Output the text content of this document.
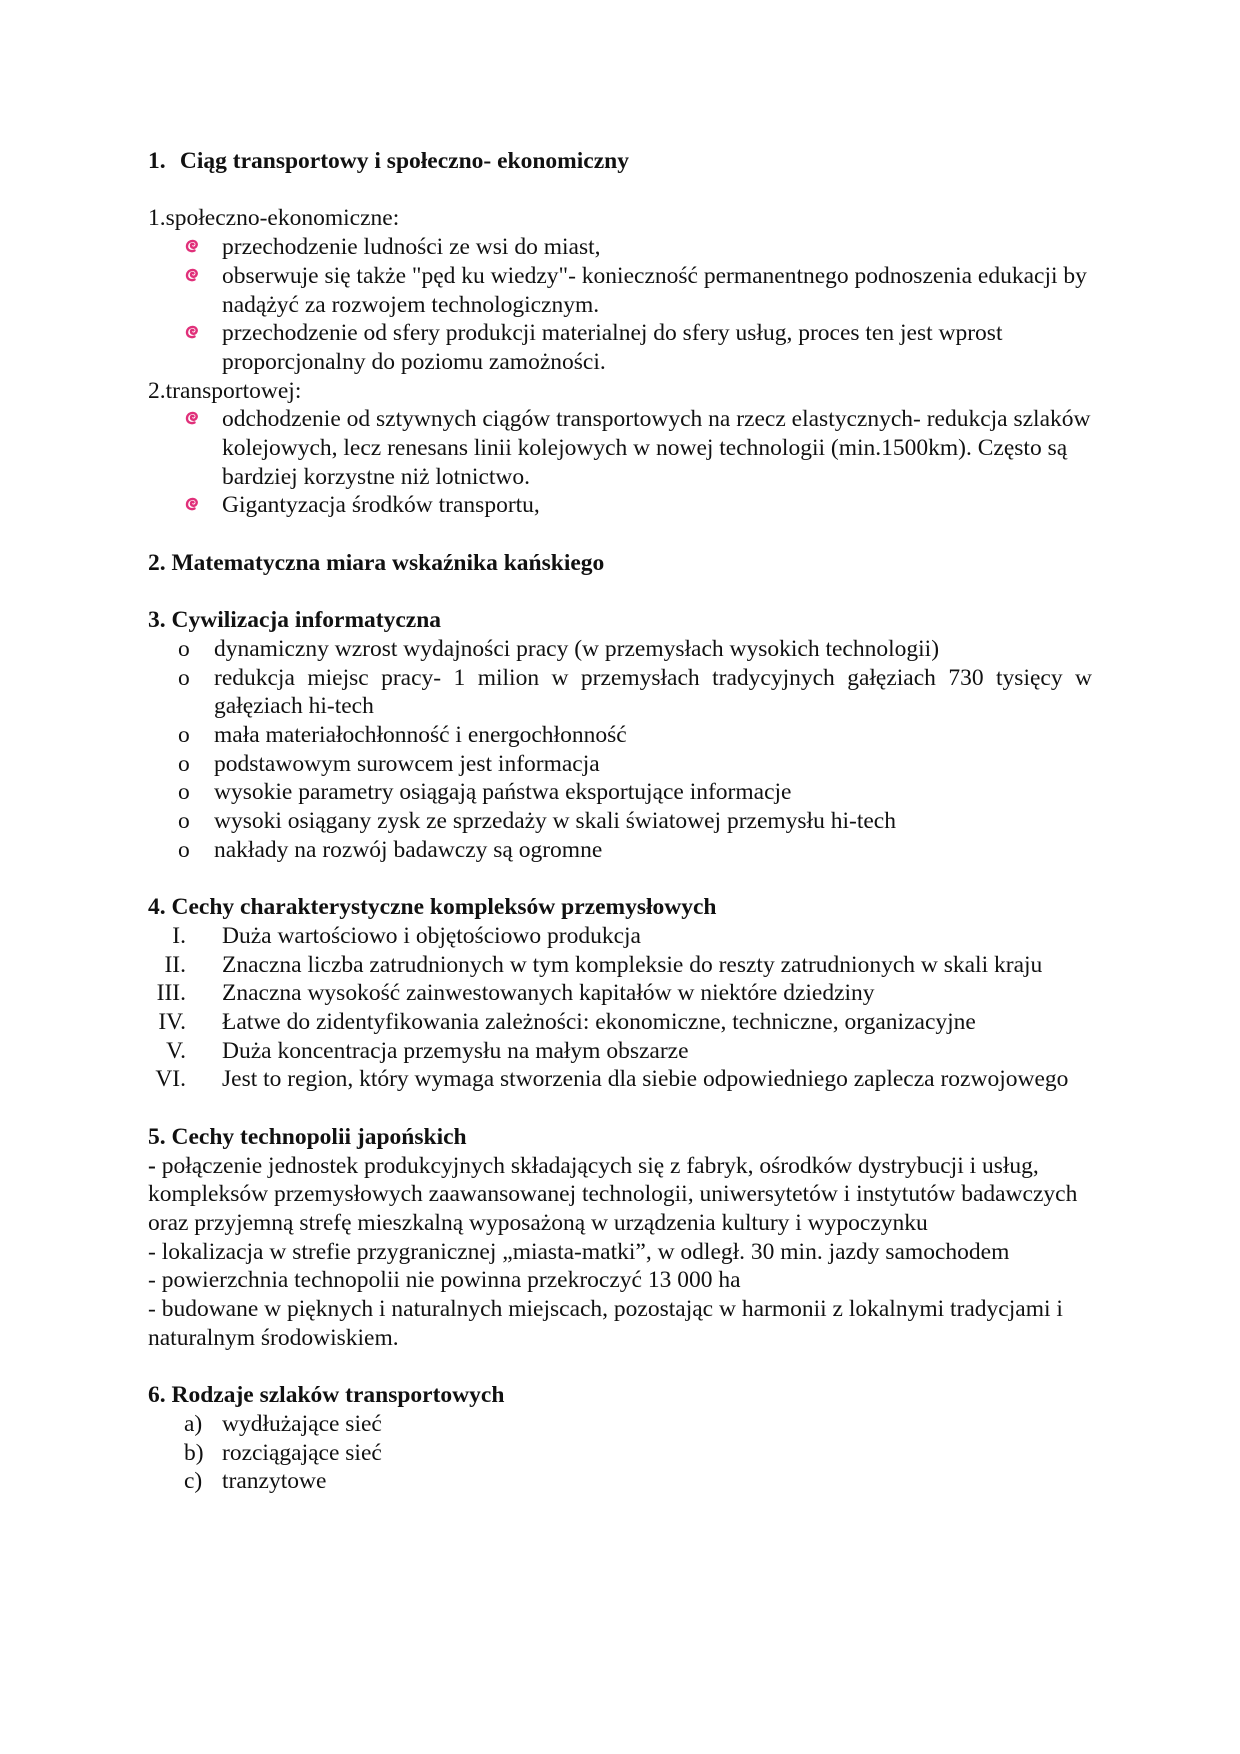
1. Ciąg transportowy i społeczno- ekonomiczny

1.społeczno-ekonomiczne:

przechodzenie ludności ze wsi do miast,
obserwuje się także "pęd ku wiedzy"- konieczność permanentnego podnoszenia edukacji by nadążyć za rozwojem technologicznym.
przechodzenie od sfery produkcji materialnej do sfery usług, proces ten jest wprost proporcjonalny do poziomu zamożności.

2.transportowej:

odchodzenie od sztywnych ciągów transportowych na rzecz elastycznych- redukcja szlaków kolejowych, lecz renesans linii kolejowych w nowej technologii (min.1500km). Często są bardziej korzystne niż lotnictwo.
Gigantyzacja środków transportu,

2. Matematyczna miara wskaźnika kańskiego

3. Cywilizacja informatyczna

o dynamiczny wzrost wydajności pracy (w przemysłach wysokich technologii)
o redukcja miejsc pracy- 1 milion w przemysłach tradycyjnych gałęziach 730 tysięcy w gałęziach hi-tech
o mała materiałochłonność i energochłonność
o podstawowym surowcem jest informacja
o wysokie parametry osiągają państwa eksportujące informacje
o wysoki osiągany zysk ze sprzedaży w skali światowej przemysłu hi-tech
o nakłady na rozwój badawczy są ogromne

4. Cechy charakterystyczne kompleksów przemysłowych

I. Duża wartościowo i objętościowo produkcja
II. Znaczna liczba zatrudnionych w tym kompleksie do reszty zatrudnionych w skali kraju
III. Znaczna wysokość zainwestowanych kapitałów w niektóre dziedziny
IV. Łatwe do zidentyfikowania zależności: ekonomiczne, techniczne, organizacyjne
V. Duża koncentracja przemysłu na małym obszarze
VI. Jest to region, który wymaga stworzenia dla siebie odpowiedniego zaplecza rozwojowego

5. Cechy technopolii japońskich

- połączenie jednostek produkcyjnych składających się z fabryk, ośrodków dystrybucji i usług, kompleksów przemysłowych zaawansowanej technologii, uniwersytetów i instytutów badawczych oraz przyjemną strefę mieszkalną wyposażoną w urządzenia kultury i wypoczynku

- lokalizacja w strefie przygranicznej „miasta-matki”, w odległ. 30 min. jazdy samochodem

- powierzchnia technopolii nie powinna przekroczyć 13 000 ha

- budowane w pięknych i naturalnych miejscach, pozostając w harmonii z lokalnymi tradycjami i naturalnym środowiskiem.

6. Rodzaje szlaków transportowych

a) wydłużające sieć
b) rozciągające sieć
c) tranzytowe
